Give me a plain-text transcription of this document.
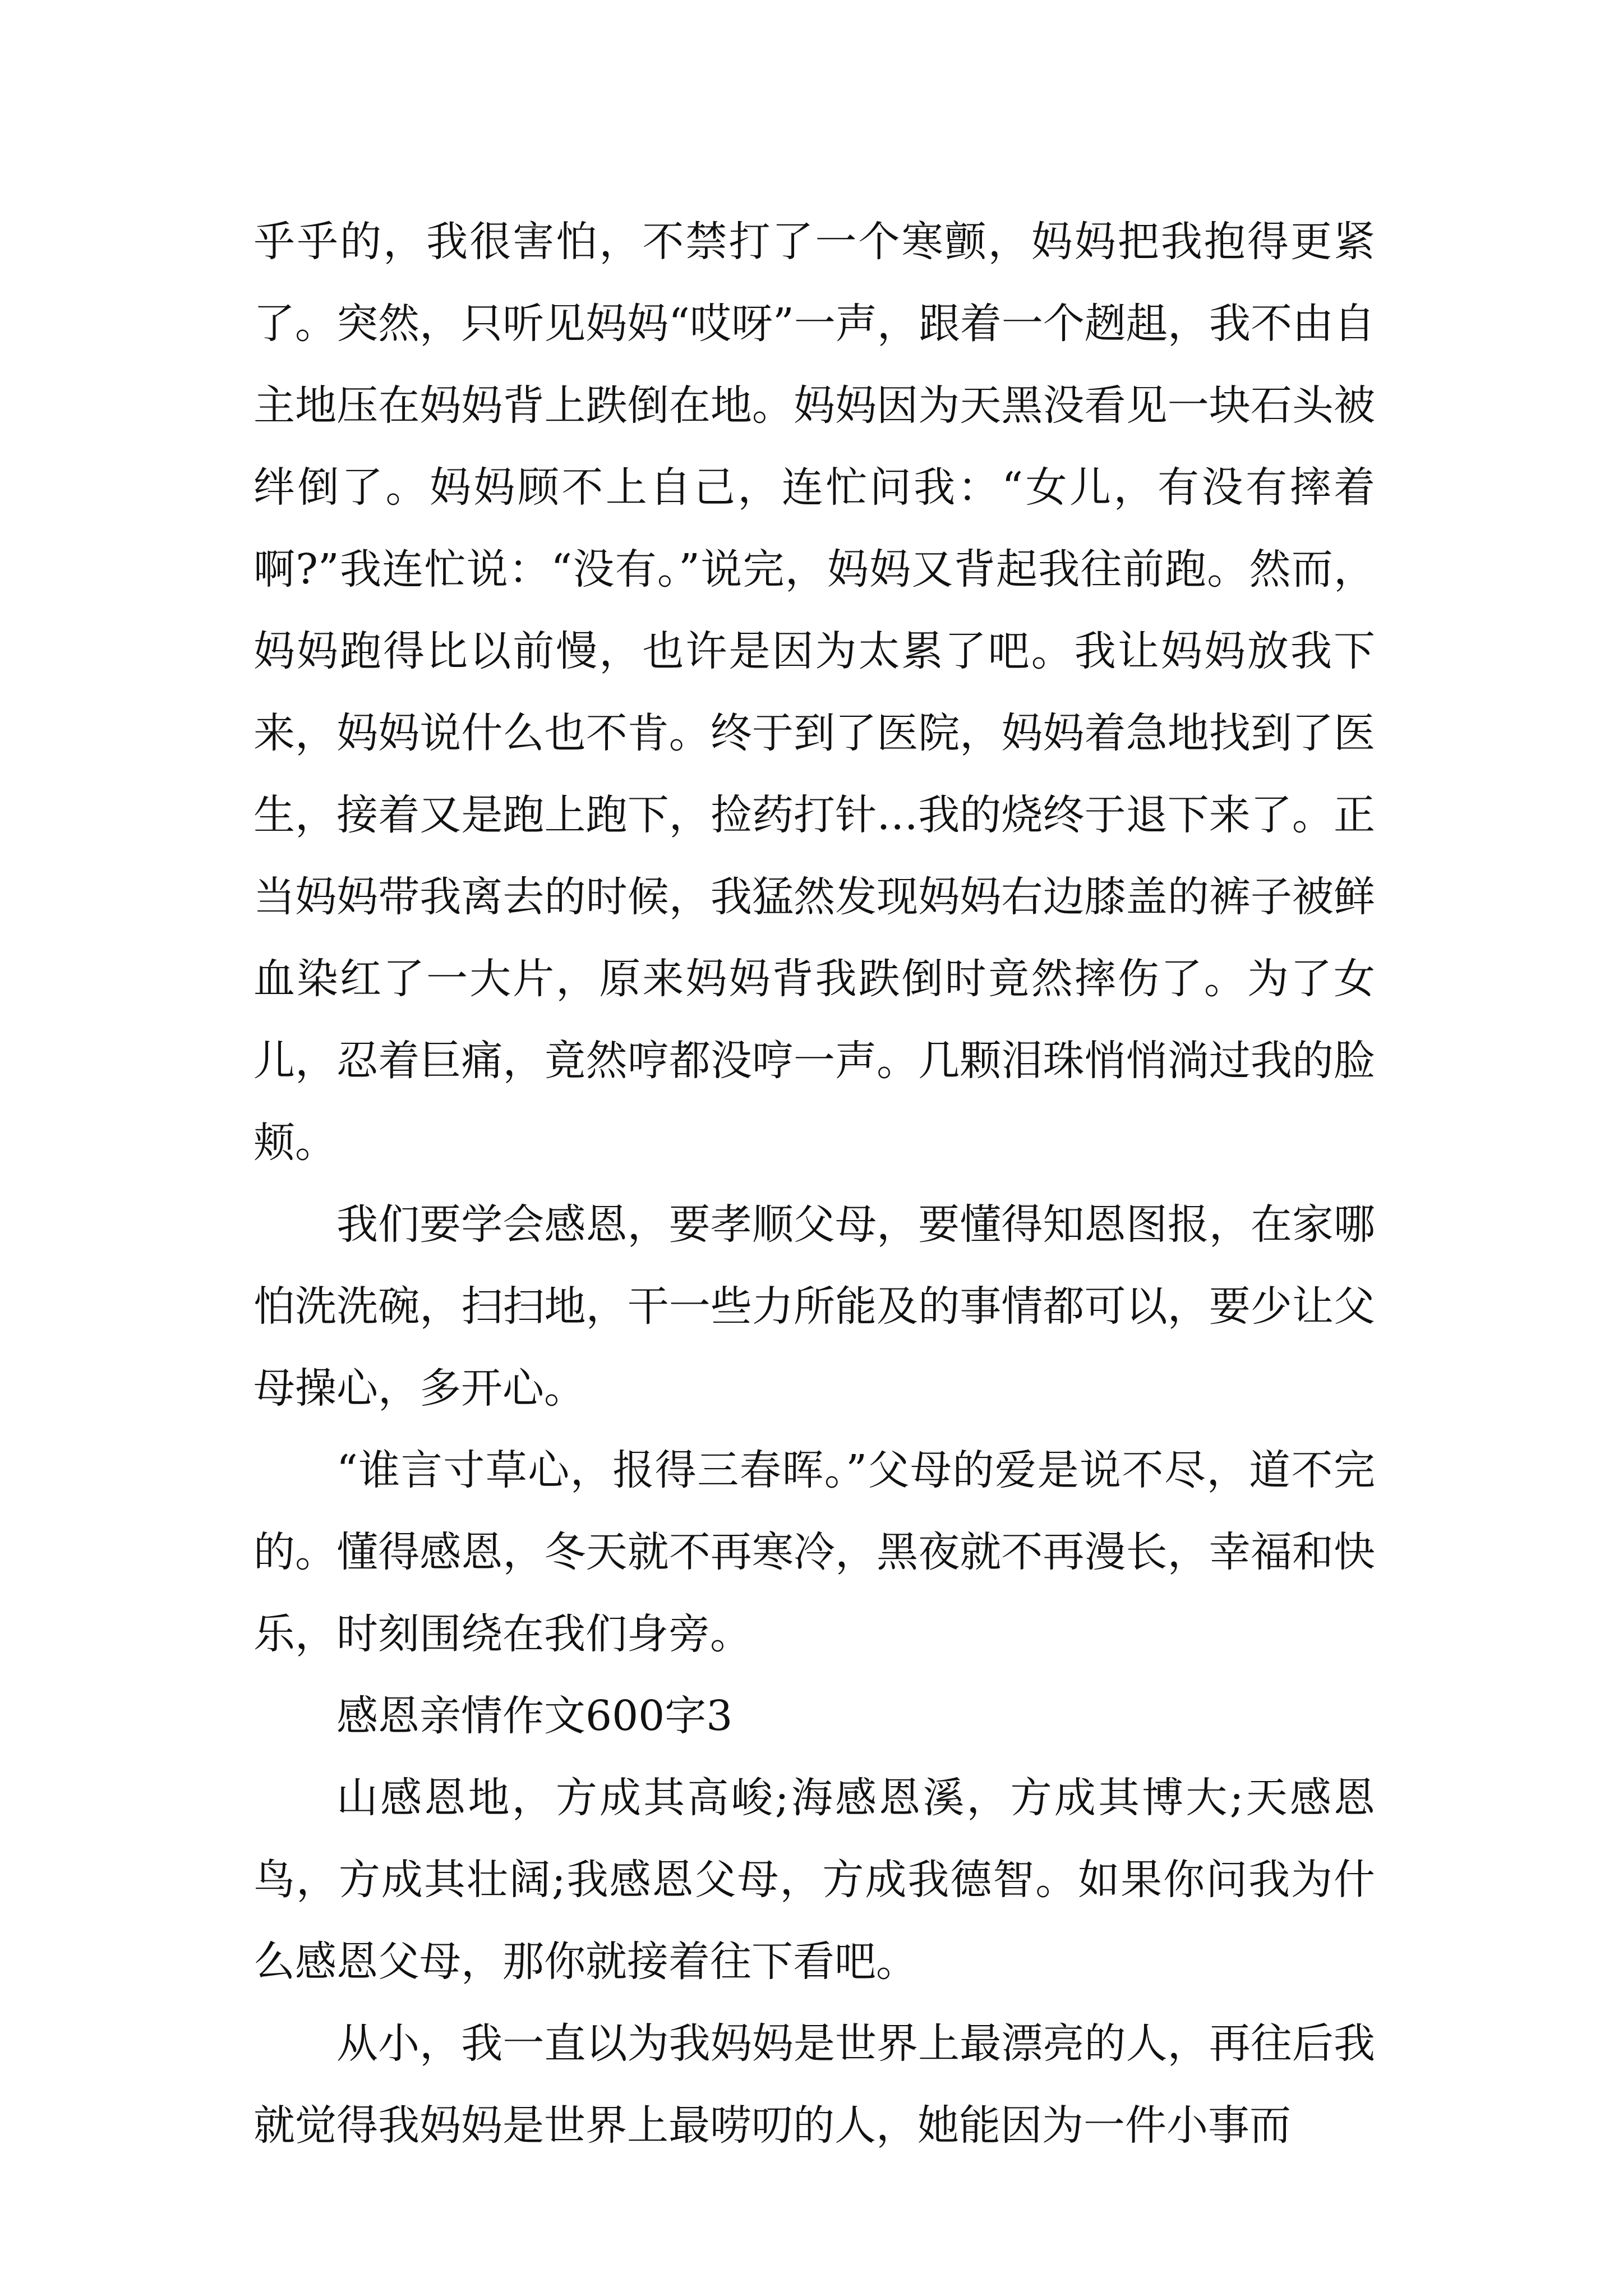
乎乎的，我很害怕，不禁打了一个寒颤，妈妈把我抱得更紧了。突然，只听见妈妈“哎呀”一声，跟着一个趔趄，我不由自主地压在妈妈背上跌倒在地。妈妈因为天黑没看见一块石头被绊倒了。妈妈顾不上自己，连忙问我：“女儿，有没有摔着啊?”我连忙说：“没有。”说完，妈妈又背起我往前跑。然而，妈妈跑得比以前慢，也许是因为太累了吧。我让妈妈放我下来，妈妈说什么也不肯。终于到了医院，妈妈着急地找到了医生，接着又是跑上跑下，捡药打针…我的烧终于退下来了。正当妈妈带我离去的时候，我猛然发现妈妈右边膝盖的裤子被鲜血染红了一大片，原来妈妈背我跌倒时竟然摔伤了。为了女儿，忍着巨痛，竟然哼都没哼一声。几颗泪珠悄悄淌过我的脸颊。

我们要学会感恩，要孝顺父母，要懂得知恩图报，在家哪怕洗洗碗，扫扫地，干一些力所能及的事情都可以，要少让父母操心，多开心。

“谁言寸草心，报得三春晖。”父母的爱是说不尽，道不完的。懂得感恩，冬天就不再寒冷，黑夜就不再漫长，幸福和快乐，时刻围绕在我们身旁。

感恩亲情作文600字3

山感恩地，方成其高峻;海感恩溪，方成其博大;天感恩鸟，方成其壮阔;我感恩父母，方成我德智。如果你问我为什么感恩父母，那你就接着往下看吧。

从小，我一直以为我妈妈是世界上最漂亮的人，再往后我就觉得我妈妈是世界上最唠叨的人，她能因为一件小事而
